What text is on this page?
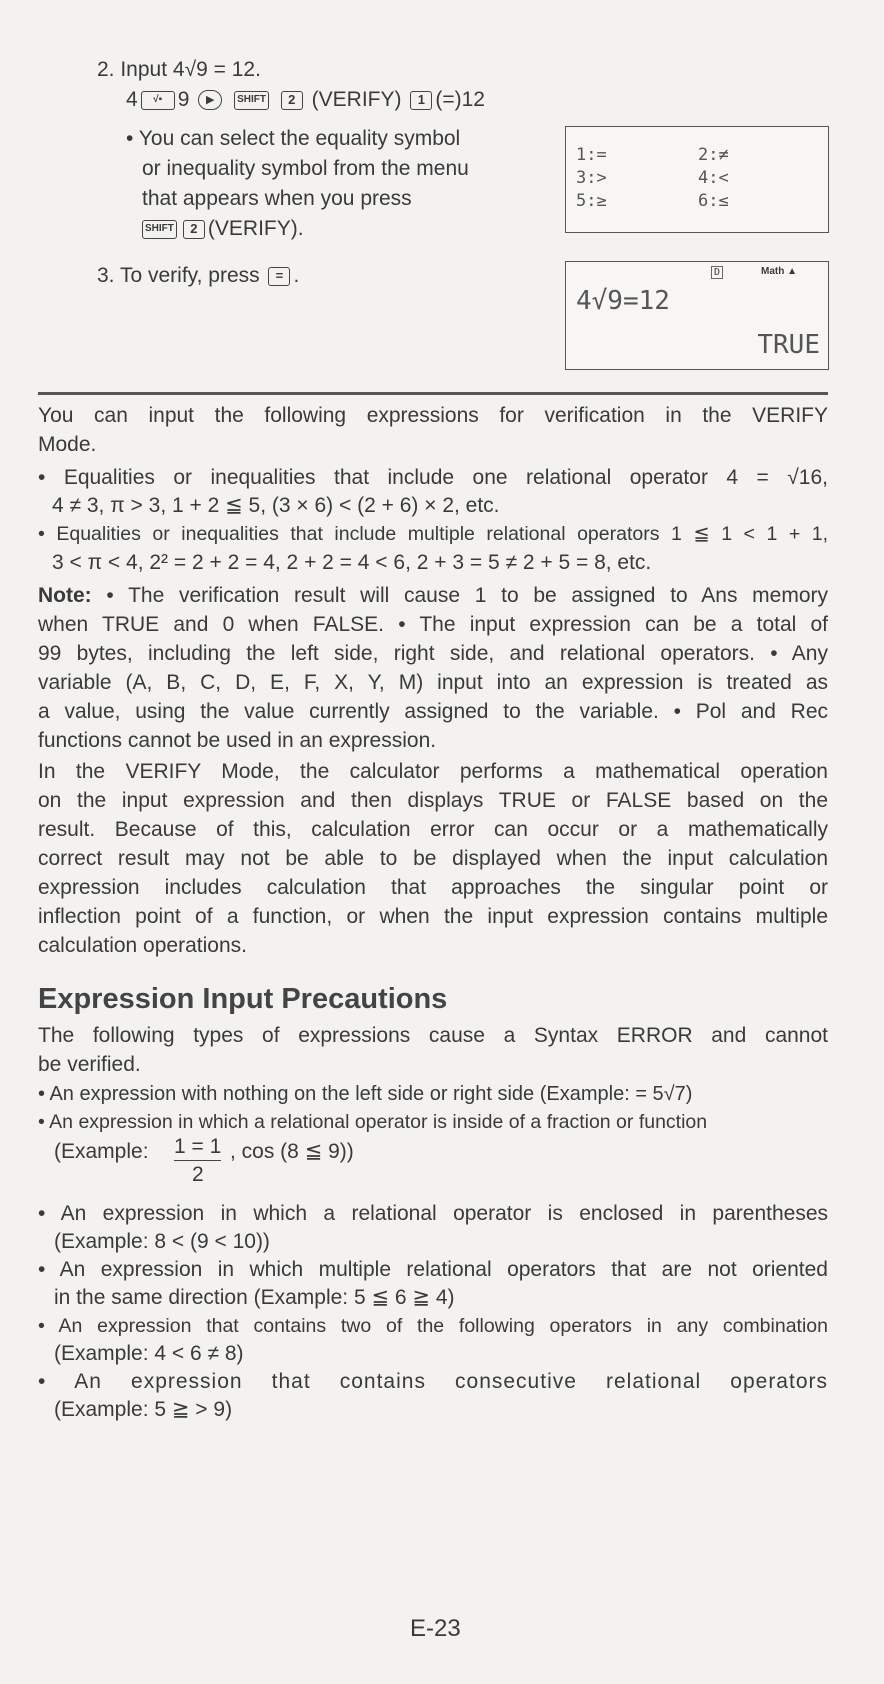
2. Input 4√9 = 12.
4 √▪ 9 ▶ SHIFT 2 (VERIFY) 1 (=)12
• You can select the equality symbol
or inequality symbol from the menu
that appears when you press
SHIFT 2 (VERIFY).
1:=	2:≠
3:>	4:<
5:≥	6:≤
3. To verify, press = .	D	Math ▲
4√9=12
TRUE
You can input the following expressions for verification in the VERIFY
Mode.
• Equalities or inequalities that include one relational operator 4 = √16,
4 ≠ 3, π > 3, 1 + 2 ≦ 5, (3 × 6) < (2 + 6) × 2, etc.
• Equalities or inequalities that include multiple relational operators 1 ≦ 1 < 1 + 1,
3 < π < 4, 2² = 2 + 2 = 4, 2 + 2 = 4 < 6, 2 + 3 = 5 ≠ 2 + 5 = 8, etc.
Note: • The verification result will cause 1 to be assigned to Ans memory
when TRUE and 0 when FALSE. • The input expression can be a total of
99 bytes, including the left side, right side, and relational operators. • Any
variable (A, B, C, D, E, F, X, Y, M) input into an expression is treated as
a value, using the value currently assigned to the variable. • Pol and Rec
functions cannot be used in an expression.
In the VERIFY Mode, the calculator performs a mathematical operation
on the input expression and then displays TRUE or FALSE based on the
result. Because of this, calculation error can occur or a mathematically
correct result may not be able to be displayed when the input calculation
expression includes calculation that approaches the singular point or
inflection point of a function, or when the input expression contains multiple
calculation operations.
Expression Input Precautions
The following types of expressions cause a Syntax ERROR and cannot
be verified.
• An expression with nothing on the left side or right side (Example: = 5√7)
• An expression in which a relational operator is inside of a fraction or function
(Example: 1 = 1
2
, cos (8 ≦ 9))
• An expression in which a relational operator is enclosed in parentheses
(Example: 8 < (9 < 10))
• An expression in which multiple relational operators that are not oriented
in the same direction (Example: 5 ≦ 6 ≧ 4)
• An expression that contains two of the following operators in any combination
(Example: 4 < 6 ≠ 8)
• An expression that contains consecutive relational operators
(Example: 5 ≧ > 9)
E-23
